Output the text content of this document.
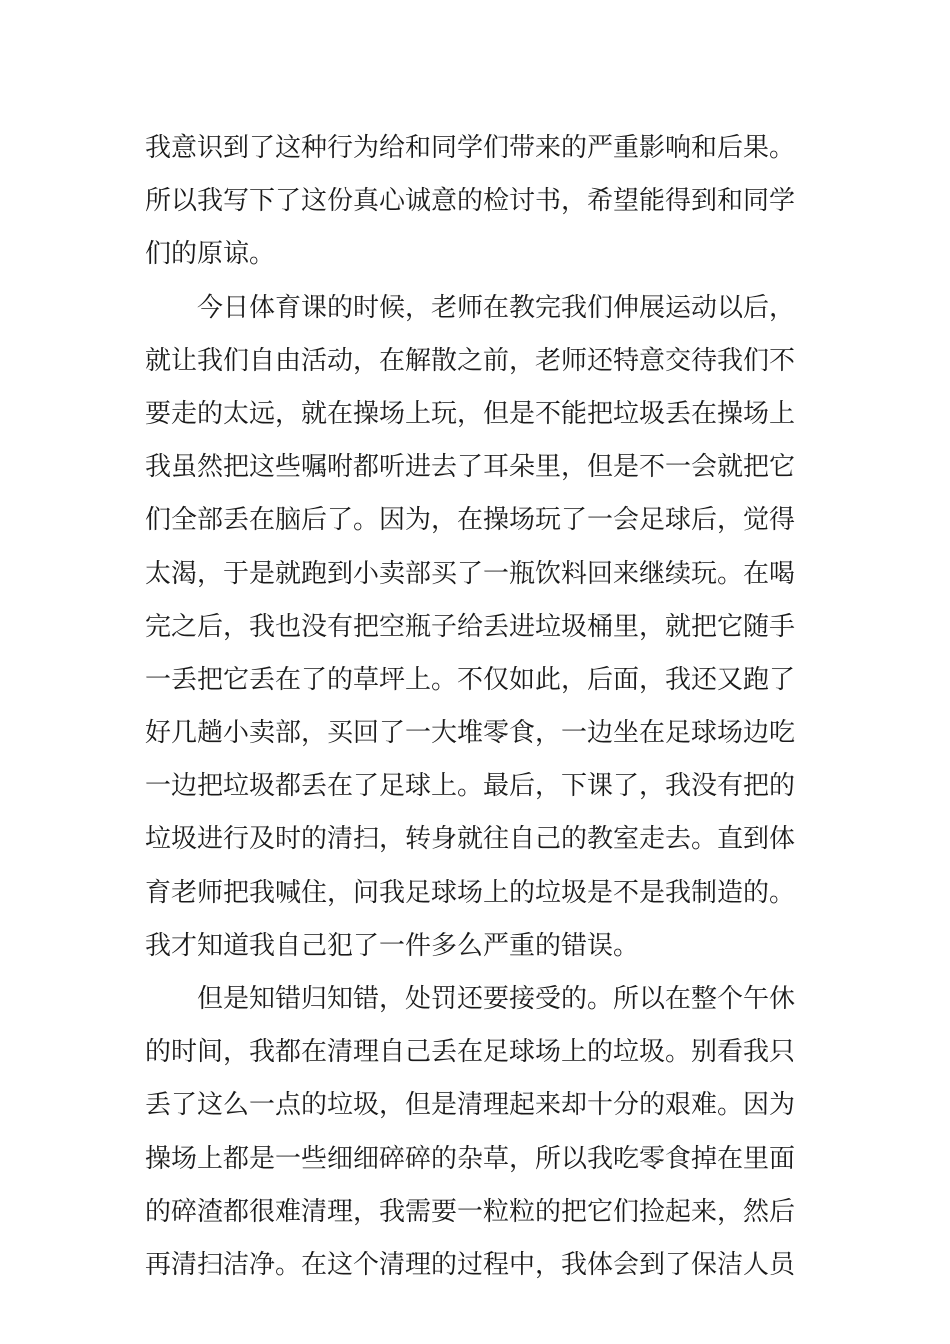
我意识到了这种行为给和同学们带来的严重影响和后果。
所以我写下了这份真心诚意的检讨书，希望能得到和同学
们的原谅。
今日体育课的时候，老师在教完我们伸展运动以后，
就让我们自由活动，在解散之前，老师还特意交待我们不
要走的太远，就在操场上玩，但是不能把垃圾丢在操场上
我虽然把这些嘱咐都听进去了耳朵里，但是不一会就把它
们全部丢在脑后了。因为，在操场玩了一会足球后，觉得
太渴，于是就跑到小卖部买了一瓶饮料回来继续玩。在喝
完之后，我也没有把空瓶子给丢进垃圾桶里，就把它随手
一丢把它丢在了的草坪上。不仅如此，后面，我还又跑了
好几趟小卖部，买回了一大堆零食，一边坐在足球场边吃
一边把垃圾都丢在了足球上。最后，下课了，我没有把的
垃圾进行及时的清扫，转身就往自己的教室走去。直到体
育老师把我喊住，问我足球场上的垃圾是不是我制造的。
我才知道我自己犯了一件多么严重的错误。
但是知错归知错，处罚还要接受的。所以在整个午休
的时间，我都在清理自己丢在足球场上的垃圾。别看我只
丢了这么一点的垃圾，但是清理起来却十分的艰难。因为
操场上都是一些细细碎碎的杂草，所以我吃零食掉在里面
的碎渣都很难清理，我需要一粒粒的把它们捡起来，然后
再清扫洁净。在这个清理的过程中，我体会到了保洁人员
